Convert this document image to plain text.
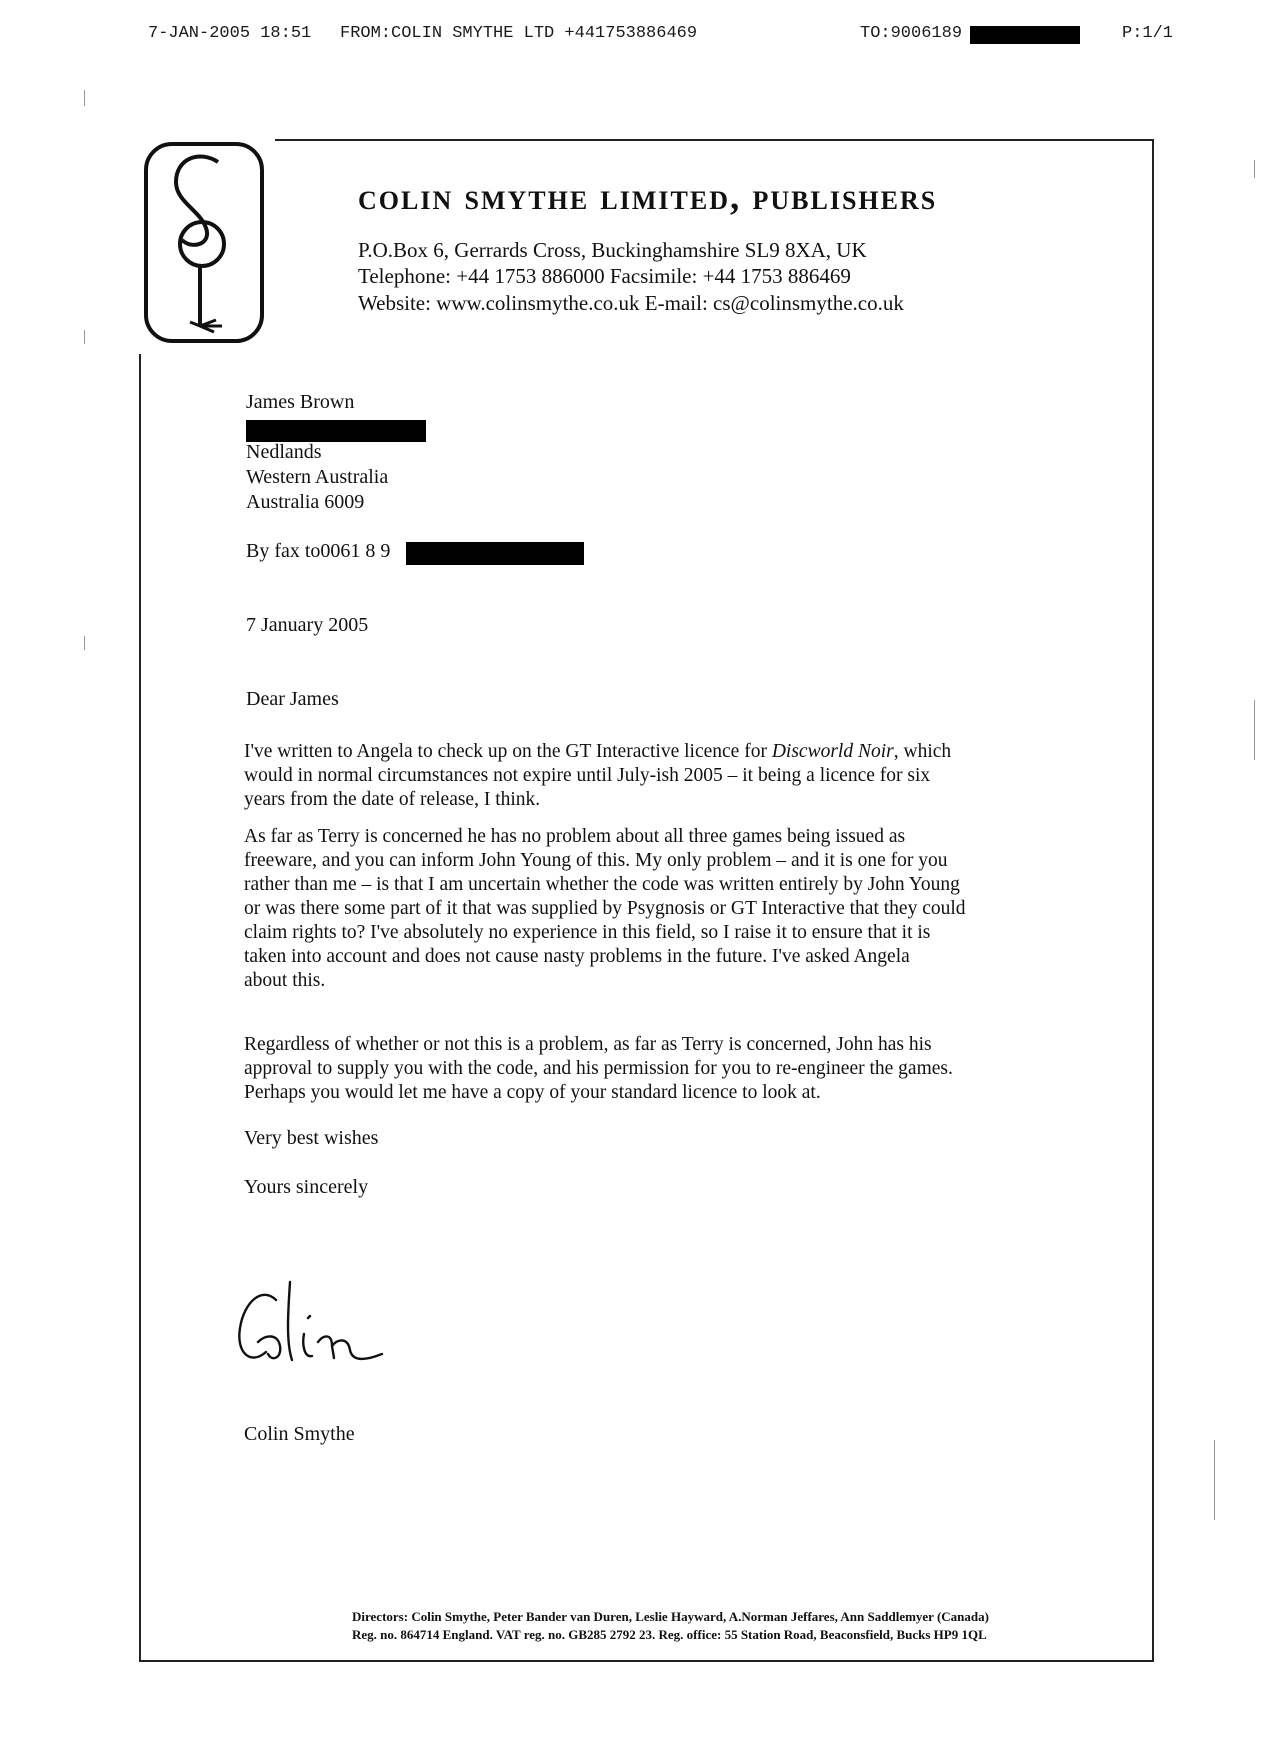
7-JAN-2005 18:51 FROM:COLIN SMYTHE LTD +441753886469	TO:9006189	P:1/1
colin smythe limited, publishers
P.O.Box 6, Gerrards Cross, Buckinghamshire SL9 8XA, UK
Telephone: +44 1753 886000 Facsimile: +44 1753 886469
Website: www.colinsmythe.co.uk E-mail: cs@colinsmythe.co.uk
James Brown
Nedlands
Western Australia
Australia 6009
By fax to0061 8 9
7 January 2005
Dear James

I've written to Angela to check up on the GT Interactive licence for Discworld Noir, which

would in normal circumstances not expire until July-ish 2005 – it being a licence for six

years from the date of release, I think.

As far as Terry is concerned he has no problem about all three games being issued as

freeware, and you can inform John Young of this. My only problem – and it is one for you

rather than me – is that I am uncertain whether the code was written entirely by John Young

or was there some part of it that was supplied by Psygnosis or GT Interactive that they could

claim rights to? I've absolutely no experience in this field, so I raise it to ensure that it is

taken into account and does not cause nasty problems in the future. I've asked Angela

about this.

Regardless of whether or not this is a problem, as far as Terry is concerned, John has his

approval to supply you with the code, and his permission for you to re-engineer the games.

Perhaps you would let me have a copy of your standard licence to look at.

Very best wishes
Yours sincerely
Colin Smythe
Directors: Colin Smythe, Peter Bander van Duren, Leslie Hayward, A.Norman Jeffares, Ann Saddlemyer (Canada)
Reg. no. 864714 England. VAT reg. no. GB285 2792 23. Reg. office: 55 Station Road, Beaconsfield, Bucks HP9 1QL
